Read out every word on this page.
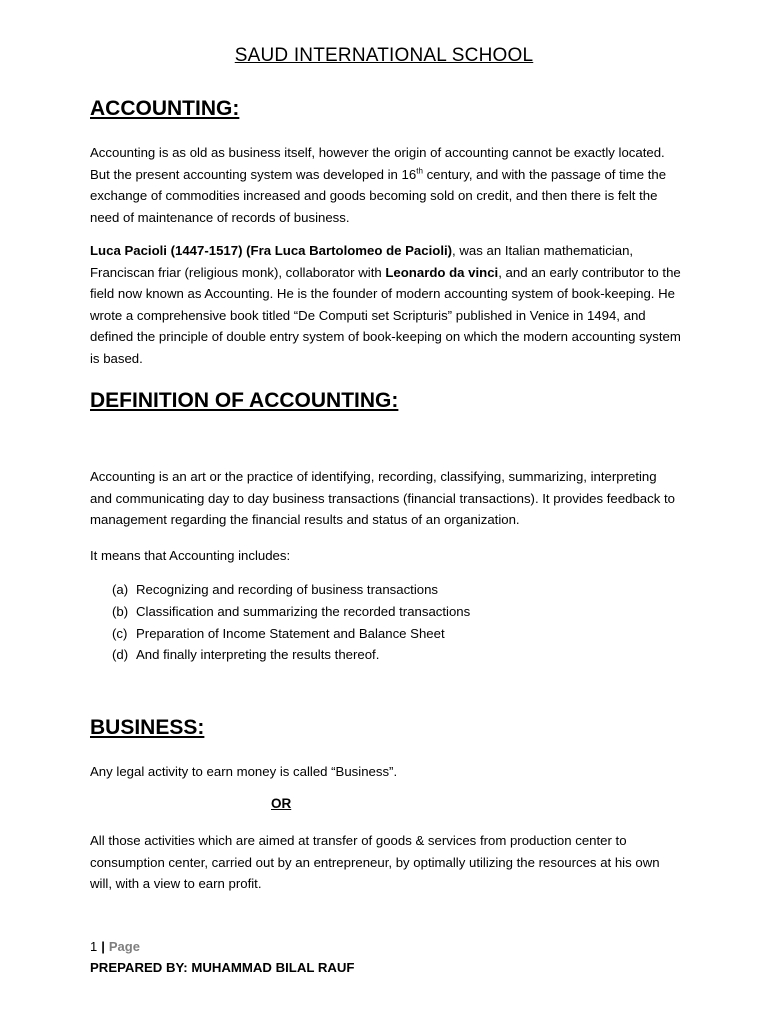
SAUD INTERNATIONAL SCHOOL
ACCOUNTING:

Accounting is as old as business itself, however the origin of accounting cannot be exactly located. But the present accounting system was developed in 16th century, and with the passage of time the exchange of commodities increased and goods becoming sold on credit, and then there is felt the need of maintenance of records of business.

Luca Pacioli (1447-1517) (Fra Luca Bartolomeo de Pacioli), was an Italian mathematician, Franciscan friar (religious monk), collaborator with Leonardo da vinci, and an early contributor to the field now known as Accounting. He is the founder of modern accounting system of book-keeping. He wrote a comprehensive book titled “De Computi set Scripturis” published in Venice in 1494, and defined the principle of double entry system of book-keeping on which the modern accounting system is based.

DEFINITION OF ACCOUNTING:

Accounting is an art or the practice of identifying, recording, classifying, summarizing, interpreting and communicating day to day business transactions (financial transactions). It provides feedback to management regarding the financial results and status of an organization.

It means that Accounting includes:

(a) Recognizing and recording of business transactions
(b) Classification and summarizing the recorded transactions
(c) Preparation of Income Statement and Balance Sheet
(d) And finally interpreting the results thereof.
BUSINESS:

Any legal activity to earn money is called “Business”.

OR

All those activities which are aimed at transfer of goods & services from production center to consumption center, carried out by an entrepreneur, by optimally utilizing the resources at his own will, with a view to earn profit.

1 | Page
PREPARED BY: MUHAMMAD BILAL RAUF
